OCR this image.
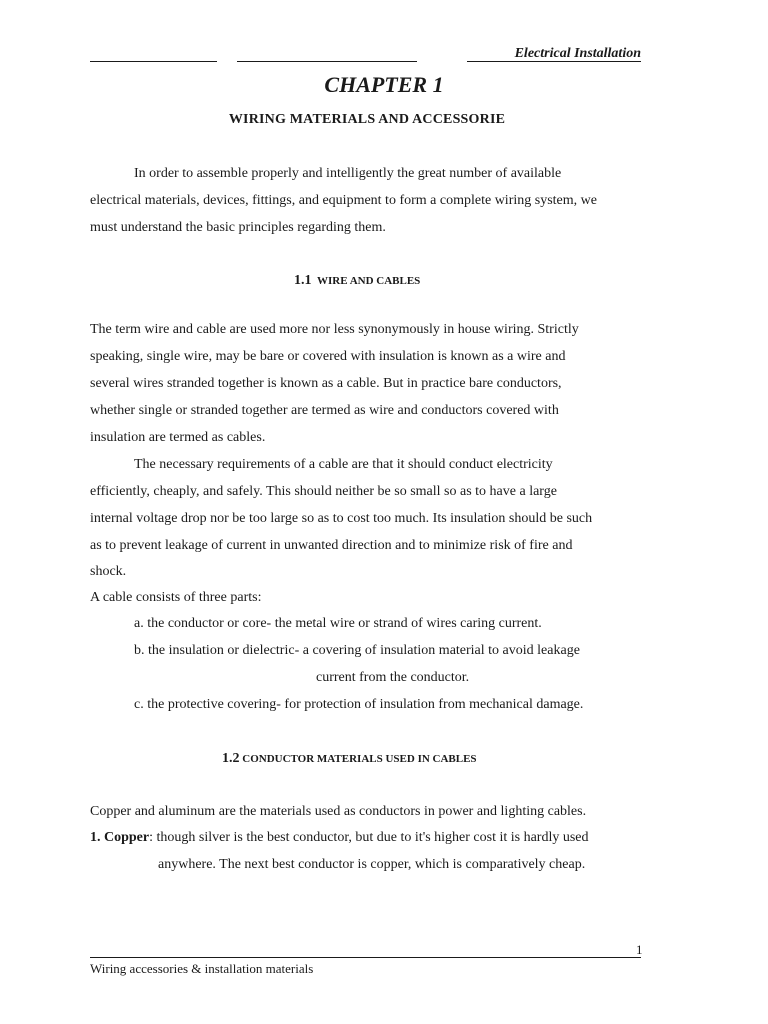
Electrical Installation
CHAPTER 1
WIRING MATERIALS AND ACCESSORIE
In order to assemble properly and intelligently the great number of available
electrical materials, devices, fittings, and equipment to form a complete wiring system, we
must understand the basic principles regarding them.
1.1 WIRE AND CABLES
The term wire and cable are used more nor less synonymously in house wiring. Strictly
speaking, single wire, may be bare or covered with insulation is known as a wire and
several wires stranded together is known as a cable. But in practice bare conductors,
whether single or stranded together are termed as wire and conductors covered with
insulation are termed as cables.
The necessary requirements of a cable are that it should conduct electricity
efficiently, cheaply, and safely. This should neither be so small so as to have a large
internal voltage drop nor be too large so as to cost too much. Its insulation should be such
as to prevent leakage of current in unwanted direction and to minimize risk of fire and
shock.
A cable consists of three parts:
a. the conductor or core- the metal wire or strand of wires caring current.
b. the insulation or dielectric- a covering of insulation material to avoid leakage
current from the conductor.
c. the protective covering- for protection of insulation from mechanical damage.
1.2 CONDUCTOR MATERIALS USED IN CABLES
Copper and aluminum are the materials used as conductors in power and lighting cables.
1. Copper: though silver is the best conductor, but due to it's higher cost it is hardly used
anywhere. The next best conductor is copper, which is comparatively cheap.
1
Wiring accessories & installation materials
